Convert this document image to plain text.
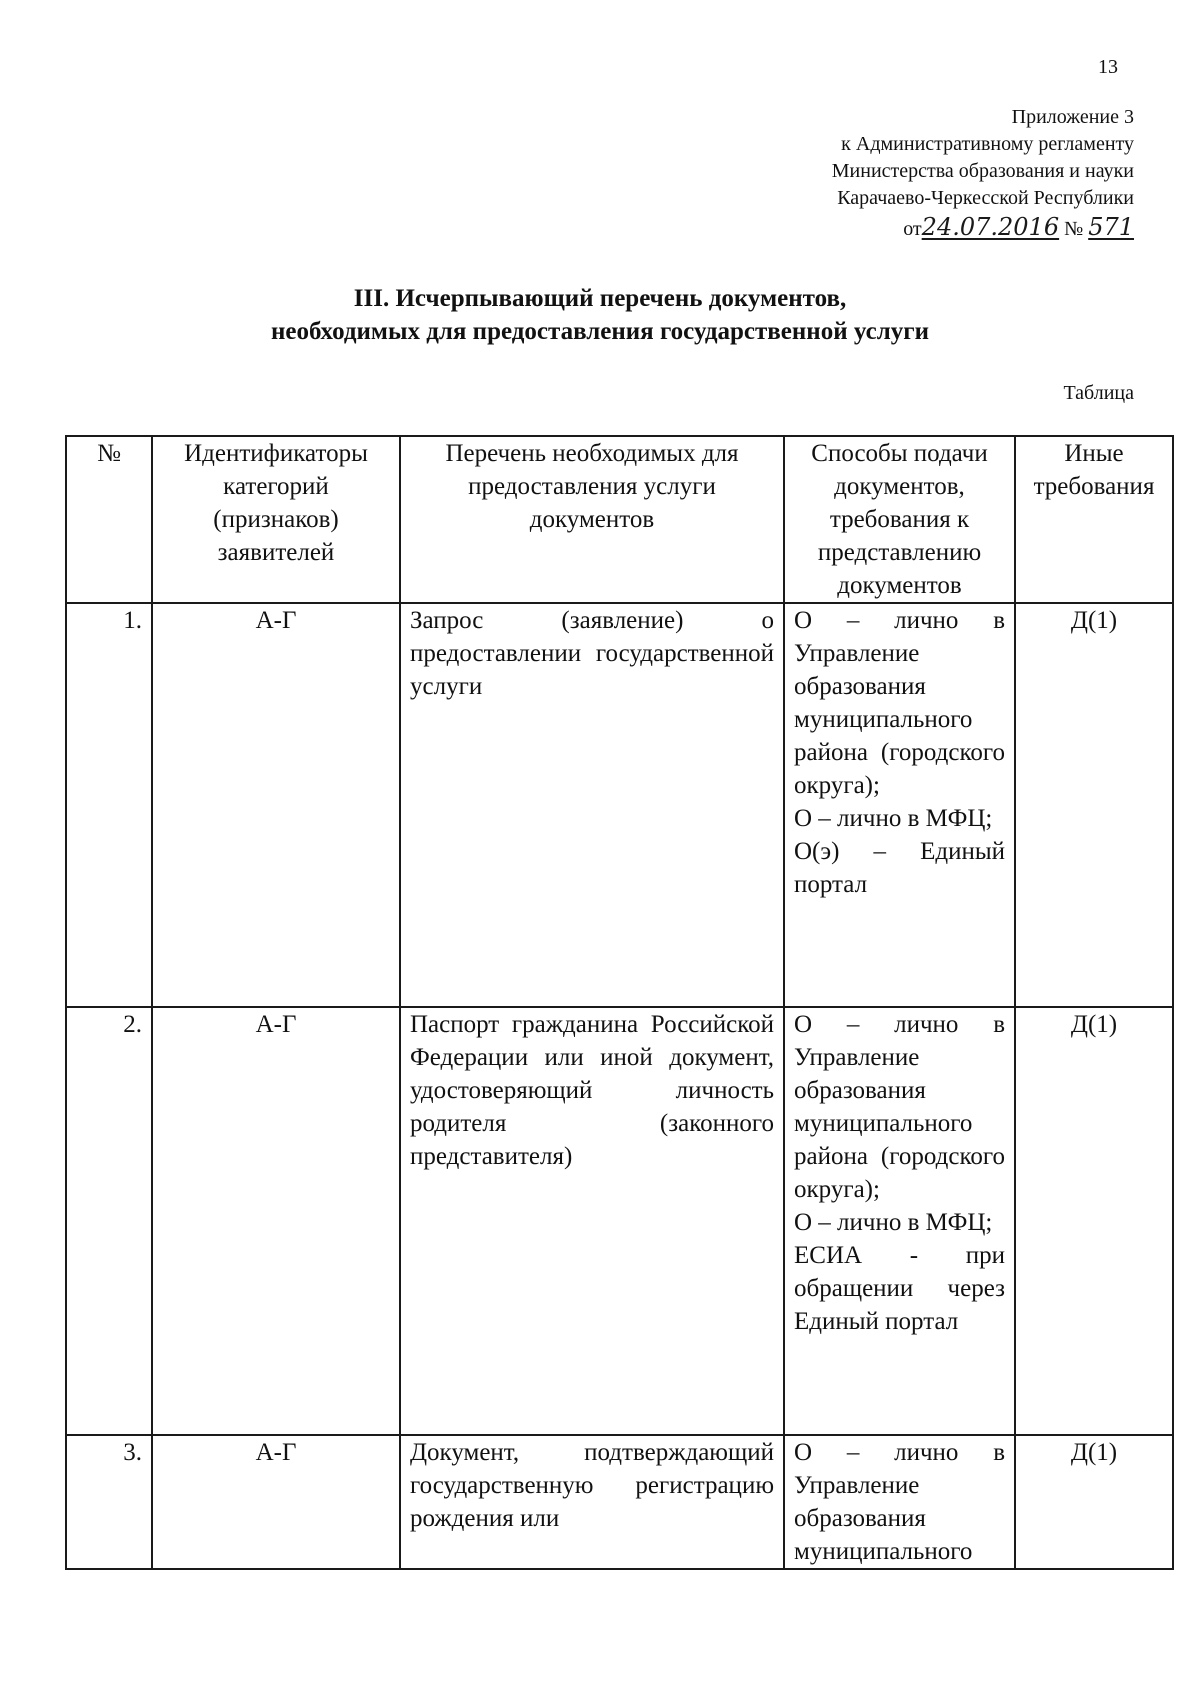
13
Приложение 3
к Административному регламенту
Министерства образования и науки
Карачаево-Черкесской Республики
от24.07.2016 № 571
III. Исчерпывающий перечень документов,
необходимых для предоставления государственной услуги
Таблица
№	Идентификаторы категорий (признаков) заявителей	Перечень необходимых для предоставления услуги документов	Способы подачи документов, требования к представлению документов	Иные требования
1.	А-Г	Запрос (заявление) о предоставлении государственной услуги	О – лично в Управление образования муниципального района (городского округа);
О – лично в МФЦ;
О(э) – Единый портал	Д(1)
2.	А-Г	Паспорт гражданина Российской Федерации или иной документ, удостоверяющий личность родителя (законного представителя)	О – лично в Управление образования муниципального района (городского округа);
О – лично в МФЦ;
ЕСИА - при обращении через Единый портал	Д(1)
3.	А-Г	Документ, подтверждающий государственную регистрацию рождения или	О – лично в Управление образования муниципального	Д(1)
